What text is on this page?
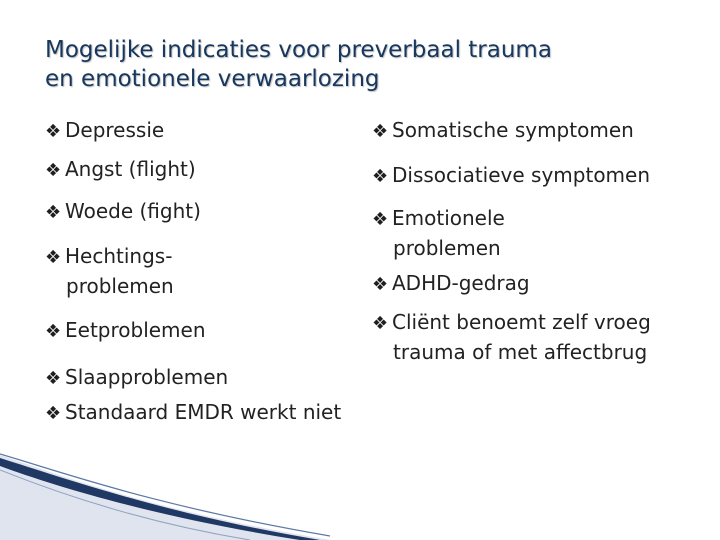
Mogelijke indicaties voor preverbaal trauma
en emotionele verwaarlozing
❖ Depressie
❖ Angst (flight)
❖ Woede (fight)
❖ Hechtings-problemen
❖ Eetproblemen
❖ Slaapproblemen
❖ Standaard EMDR werkt niet
❖ Somatische symptomen
❖ Dissociatieve symptomen
❖ Emotionele problemen
❖ ADHD-gedrag
❖ Cliënt benoemt zelf vroeg trauma of met affectbrug
